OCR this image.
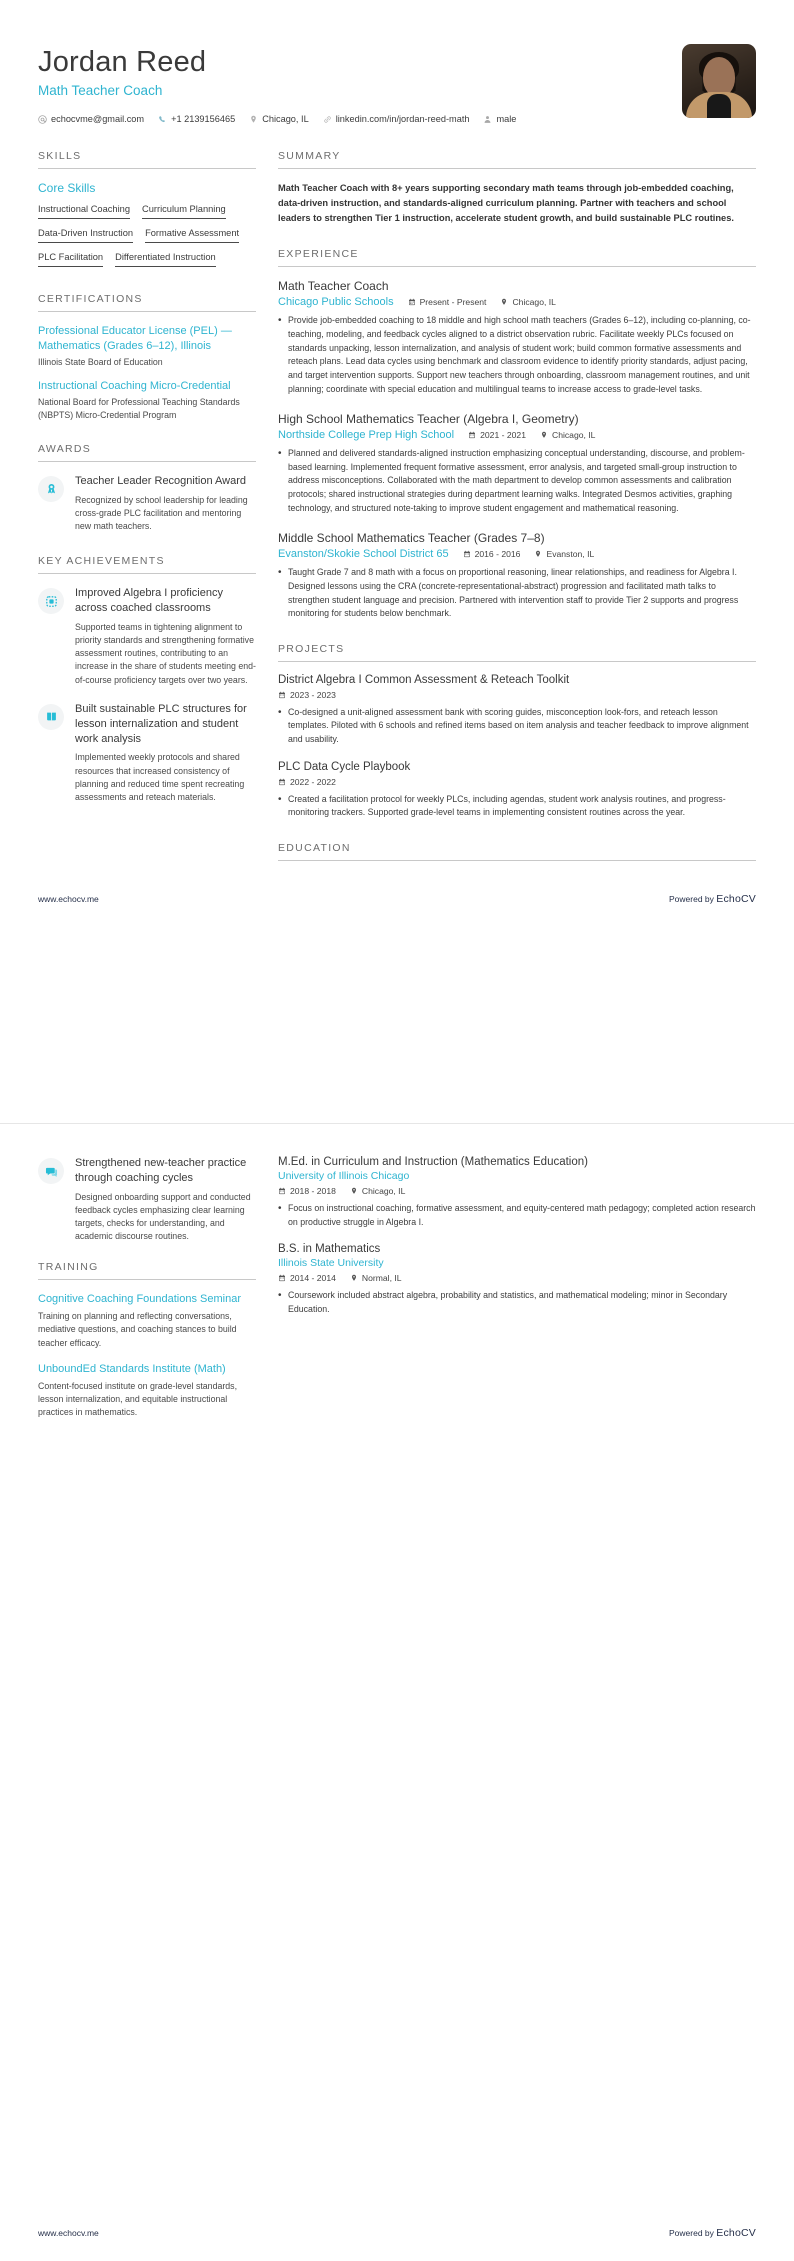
Jordan Reed
Math Teacher Coach
echocvme@gmail.com	+1 2139156465	Chicago, IL	linkedin.com/in/jordan-reed-math	male
SKILLS
Core Skills
Instructional Coaching Curriculum Planning
Data-Driven Instruction Formative Assessment
PLC Facilitation Differentiated Instruction
CERTIFICATIONS
Professional Educator License (PEL) — Mathematics (Grades 6–12), Illinois
Illinois State Board of Education
Instructional Coaching Micro-Credential
National Board for Professional Teaching Standards (NBPTS) Micro-Credential Program
AWARDS
Teacher Leader Recognition Award
Recognized by school leadership for leading cross-grade PLC facilitation and mentoring new math teachers.
KEY ACHIEVEMENTS
Improved Algebra I proficiency across coached classrooms
Supported teams in tightening alignment to priority standards and strengthening formative assessment routines, contributing to an increase in the share of students meeting end-of-course proficiency targets over two years.
Built sustainable PLC structures for lesson internalization and student work analysis
Implemented weekly protocols and shared resources that increased consistency of planning and reduced time spent recreating assessments and reteach materials.
SUMMARY
Math Teacher Coach with 8+ years supporting secondary math teams through job-embedded coaching, data-driven instruction, and standards-aligned curriculum planning. Partner with teachers and school leaders to strengthen Tier 1 instruction, accelerate student growth, and build sustainable PLC routines.
EXPERIENCE
Math Teacher Coach
Chicago Public Schools	Present - Present	Chicago, IL
• Provide job-embedded coaching to 18 middle and high school math teachers (Grades 6–12), including co-planning, co-teaching, modeling, and feedback cycles aligned to a district observation rubric. Facilitate weekly PLCs focused on standards unpacking, lesson internalization, and analysis of student work; build common formative assessments and reteach plans. Lead data cycles using benchmark and classroom evidence to identify priority standards, adjust pacing, and target intervention supports. Support new teachers through onboarding, classroom management routines, and unit planning; coordinate with special education and multilingual teams to increase access to grade-level tasks.
High School Mathematics Teacher (Algebra I, Geometry)
Northside College Prep High School	2021 - 2021	Chicago, IL
• Planned and delivered standards-aligned instruction emphasizing conceptual understanding, discourse, and problem-based learning. Implemented frequent formative assessment, error analysis, and targeted small-group instruction to address misconceptions. Collaborated with the math department to develop common assessments and calibration protocols; shared instructional strategies during department learning walks. Integrated Desmos activities, graphing technology, and structured note-taking to improve student engagement and mathematical reasoning.
Middle School Mathematics Teacher (Grades 7–8)
Evanston/Skokie School District 65	2016 - 2016	Evanston, IL
• Taught Grade 7 and 8 math with a focus on proportional reasoning, linear relationships, and readiness for Algebra I. Designed lessons using the CRA (concrete-representational-abstract) progression and facilitated math talks to strengthen student language and precision. Partnered with intervention staff to provide Tier 2 supports and progress monitoring for students below benchmark.
PROJECTS
District Algebra I Common Assessment & Reteach Toolkit
2023 - 2023
• Co-designed a unit-aligned assessment bank with scoring guides, misconception look-fors, and reteach lesson templates. Piloted with 6 schools and refined items based on item analysis and teacher feedback to improve alignment and usability.
PLC Data Cycle Playbook
2022 - 2022
• Created a facilitation protocol for weekly PLCs, including agendas, student work analysis routines, and progress-monitoring trackers. Supported grade-level teams in implementing consistent routines across the year.
EDUCATION
www.echocv.me	Powered by EchoCV
Strengthened new-teacher practice through coaching cycles
Designed onboarding support and conducted feedback cycles emphasizing clear learning targets, checks for understanding, and academic discourse routines.
TRAINING
Cognitive Coaching Foundations Seminar
Training on planning and reflecting conversations, mediative questions, and coaching stances to build teacher efficacy.
UnboundEd Standards Institute (Math)
Content-focused institute on grade-level standards, lesson internalization, and equitable instructional practices in mathematics.
M.Ed. in Curriculum and Instruction (Mathematics Education)
University of Illinois Chicago
2018 - 2018	Chicago, IL
• Focus on instructional coaching, formative assessment, and equity-centered math pedagogy; completed action research on productive struggle in Algebra I.
B.S. in Mathematics
Illinois State University
2014 - 2014	Normal, IL
• Coursework included abstract algebra, probability and statistics, and mathematical modeling; minor in Secondary Education.
www.echocv.me	Powered by EchoCV
